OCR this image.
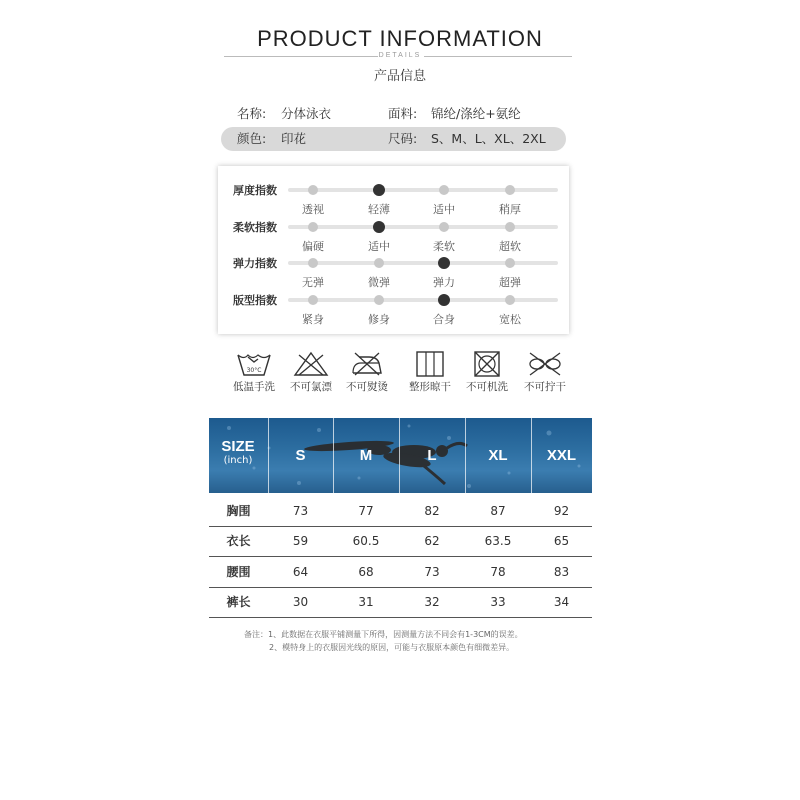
PRODUCT INFORMATION
DETAILS
产品信息
名称: 分体泳衣	面料: 锦纶/涤纶+氨纶
颜色: 印花	尺码: S、M、L、XL、2XL
厚度指数
透视	轻薄	适中	稍厚
柔软指数
偏硬	适中	柔软	超软
弹力指数
无弹	微弹	弹力	超弹
版型指数
紧身	修身	合身	宽松
30°C
低温手洗	不可氯漂	不可熨烫	整形晾干	不可机洗	不可拧干
SIZE
(inch)	S	M	L	XL	XXL
胸围	73	77	82	87	92
衣长	59	60.5	62	63.5	65
腰围	64	68	73	78	83
裤长	30	31	32	33	34
备注：1、此数据在衣服平铺测量下所得，因测量方法不同会有1-3CM的误差。
2、模特身上的衣服因光线的原因，可能与衣服原本颜色有细微差异。
